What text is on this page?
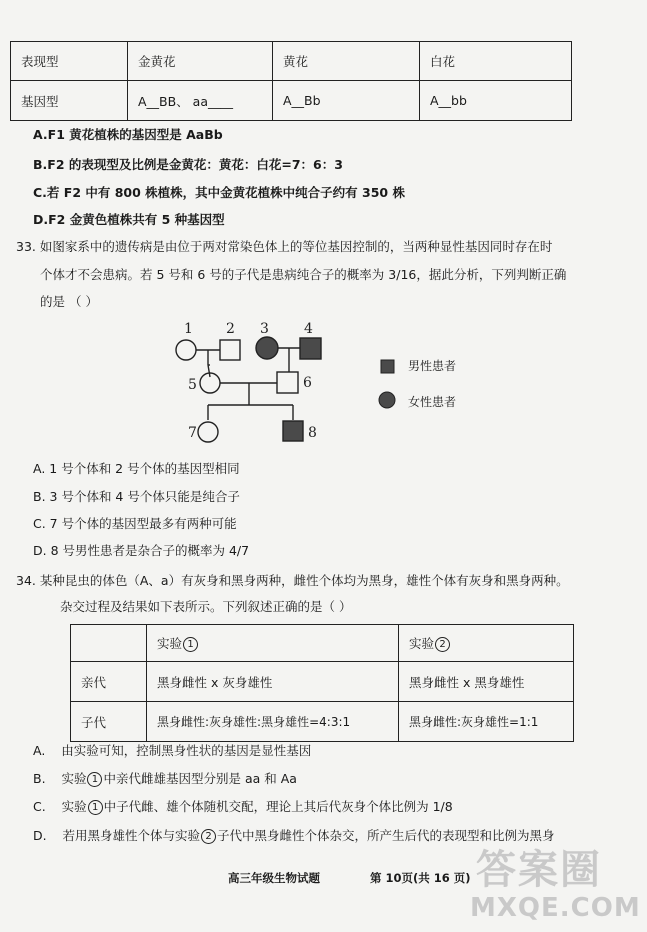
表现型	金黄花	黄花	白花
基因型	A__BB、 aa____	A__Bb	A__bb
A.F1 黄花植株的基因型是 AaBb
B.F2 的表现型及比例是金黄花：黄花：白花=7：6：3
C.若 F2 中有 800 株植株，其中金黄花植株中纯合子约有 350 株
D.F2 金黄色植株共有 5 种基因型
33. 如图家系中的遗传病是由位于两对常染色体上的等位基因控制的，当两种显性基因同时存在时
个体才不会患病。若 5 号和 6 号的子代是患病纯合子的概率为 3/16，据此分析，下列判断正确
的是 （ ）
1 2 3	4
5	6
7	8
男性患者
女性患者
A. 1 号个体和 2 号个体的基因型相同
B. 3 号个体和 4 号个体只能是纯合子
C. 7 号个体的基因型最多有两种可能
D. 8 号男性患者是杂合子的概率为 4/7
34. 某种昆虫的体色（A、a）有灰身和黑身两种，雌性个体均为黑身，雄性个体有灰身和黑身两种。
杂交过程及结果如下表所示。下列叙述正确的是（ ）
	实验 1	实验 2
亲代	黑身雌性 x 灰身雄性	黑身雌性 x 黑身雄性
子代	黑身雌性:灰身雄性:黑身雄性=4:3:1	黑身雌性:灰身雄性=1:1
A. 由实验可知，控制黑身性状的基因是显性基因
B. 实验 1 中亲代雌雄基因型分别是 aa 和 Aa
C. 实验 1 中子代雌、雄个体随机交配，理论上其后代灰身个体比例为 1/8
D. 若用黑身雄性个体与实验 2 子代中黑身雌性个体杂交，所产生后代的表现型和比例为黑身
高三年级生物试题	第 10页(共 16 页) 答案圈
MXQE.COM
